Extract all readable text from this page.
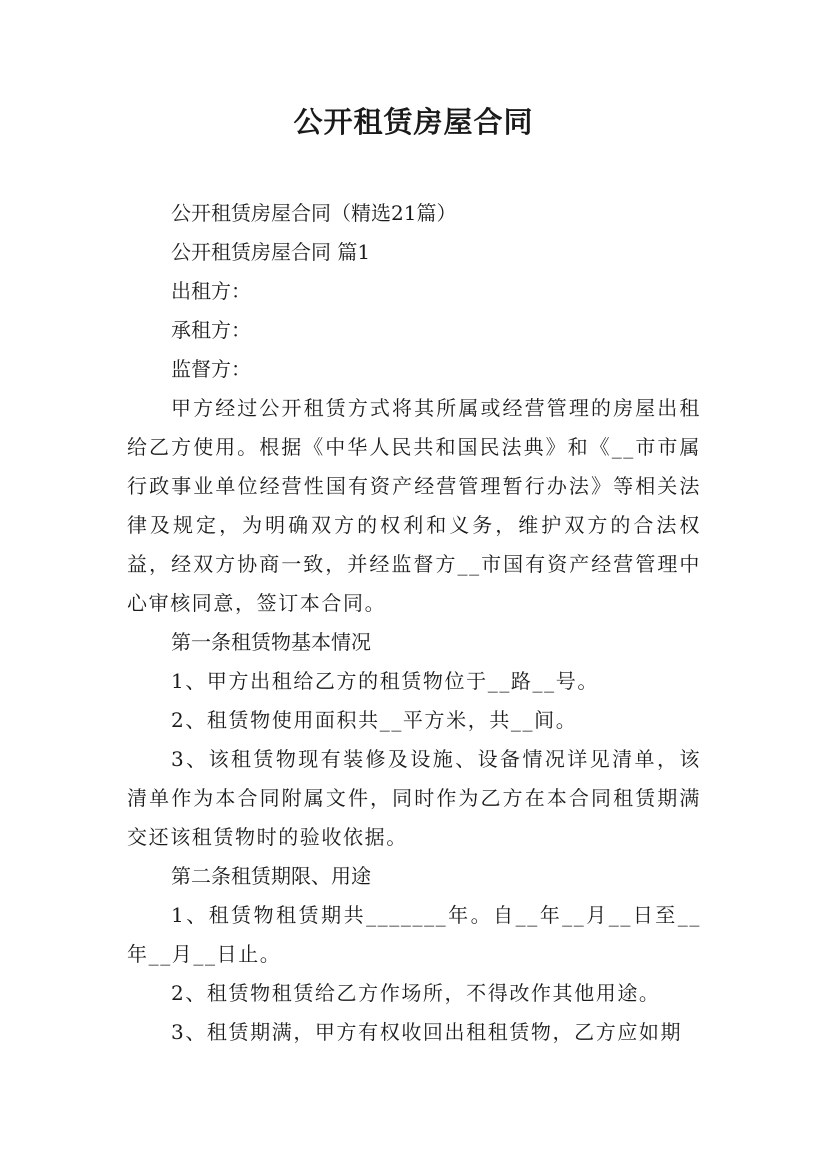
公开租赁房屋合同
公开租赁房屋合同（精选21篇）
公开租赁房屋合同 篇1
出租方：
承租方：
监督方：
甲方经过公开租赁方式将其所属或经营管理的房屋出租给乙方使用。根据《中华人民共和国民法典》和《__市市属行政事业单位经营性国有资产经营管理暂行办法》等相关法律及规定，为明确双方的权利和义务，维护双方的合法权益，经双方协商一致，并经监督方__市国有资产经营管理中心审核同意，签订本合同。
第一条租赁物基本情况
1、甲方出租给乙方的租赁物位于__路__号。
2、租赁物使用面积共__平方米，共__间。
3、该租赁物现有装修及设施、设备情况详见清单，该清单作为本合同附属文件，同时作为乙方在本合同租赁期满交还该租赁物时的验收依据。
第二条租赁期限、用途
1、租赁物租赁期共_______年。自__年__月__日至__年__月__日止。
2、租赁物租赁给乙方作场所，不得改作其他用途。
3、租赁期满，甲方有权收回出租租赁物，乙方应如期
